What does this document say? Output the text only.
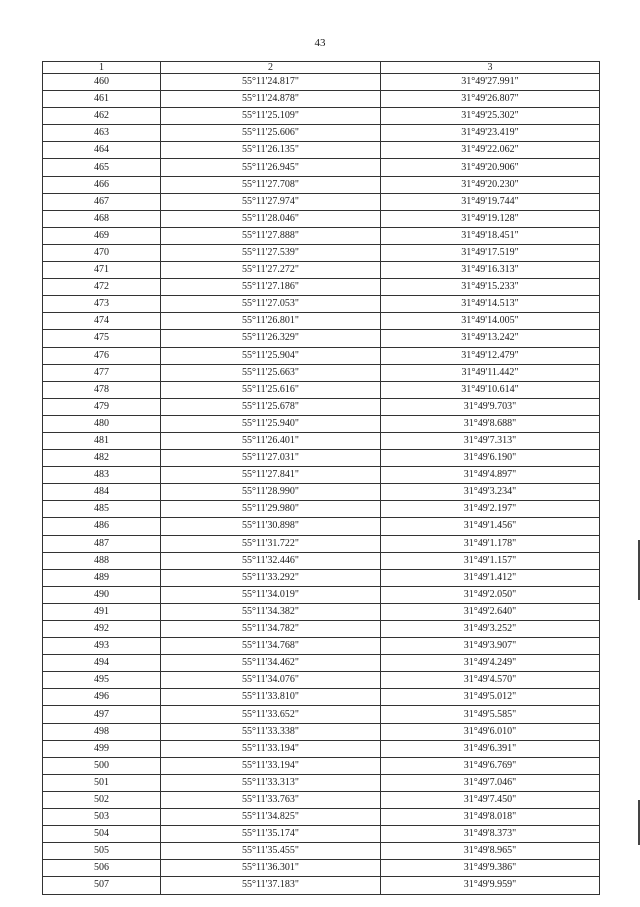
43
1	2	3
460	55°11'24.817"	31°49'27.991"
461	55°11'24.878"	31°49'26.807"
462	55°11'25.109"	31°49'25.302"
463	55°11'25.606"	31°49'23.419"
464	55°11'26.135"	31°49'22.062"
465	55°11'26.945"	31°49'20.906"
466	55°11'27.708"	31°49'20.230"
467	55°11'27.974"	31°49'19.744"
468	55°11'28.046"	31°49'19.128"
469	55°11'27.888"	31°49'18.451"
470	55°11'27.539"	31°49'17.519"
471	55°11'27.272"	31°49'16.313"
472	55°11'27.186"	31°49'15.233"
473	55°11'27.053"	31°49'14.513"
474	55°11'26.801"	31°49'14.005"
475	55°11'26.329"	31°49'13.242"
476	55°11'25.904"	31°49'12.479"
477	55°11'25.663"	31°49'11.442"
478	55°11'25.616"	31°49'10.614"
479	55°11'25.678"	31°49'9.703"
480	55°11'25.940"	31°49'8.688"
481	55°11'26.401"	31°49'7.313"
482	55°11'27.031"	31°49'6.190"
483	55°11'27.841"	31°49'4.897"
484	55°11'28.990"	31°49'3.234"
485	55°11'29.980"	31°49'2.197"
486	55°11'30.898"	31°49'1.456"
487	55°11'31.722"	31°49'1.178"
488	55°11'32.446"	31°49'1.157"
489	55°11'33.292"	31°49'1.412"
490	55°11'34.019"	31°49'2.050"
491	55°11'34.382"	31°49'2.640"
492	55°11'34.782"	31°49'3.252"
493	55°11'34.768"	31°49'3.907"
494	55°11'34.462"	31°49'4.249"
495	55°11'34.076"	31°49'4.570"
496	55°11'33.810"	31°49'5.012"
497	55°11'33.652"	31°49'5.585"
498	55°11'33.338"	31°49'6.010"
499	55°11'33.194"	31°49'6.391"
500	55°11'33.194"	31°49'6.769"
501	55°11'33.313"	31°49'7.046"
502	55°11'33.763"	31°49'7.450"
503	55°11'34.825"	31°49'8.018"
504	55°11'35.174"	31°49'8.373"
505	55°11'35.455"	31°49'8.965"
506	55°11'36.301"	31°49'9.386"
507	55°11'37.183"	31°49'9.959"
